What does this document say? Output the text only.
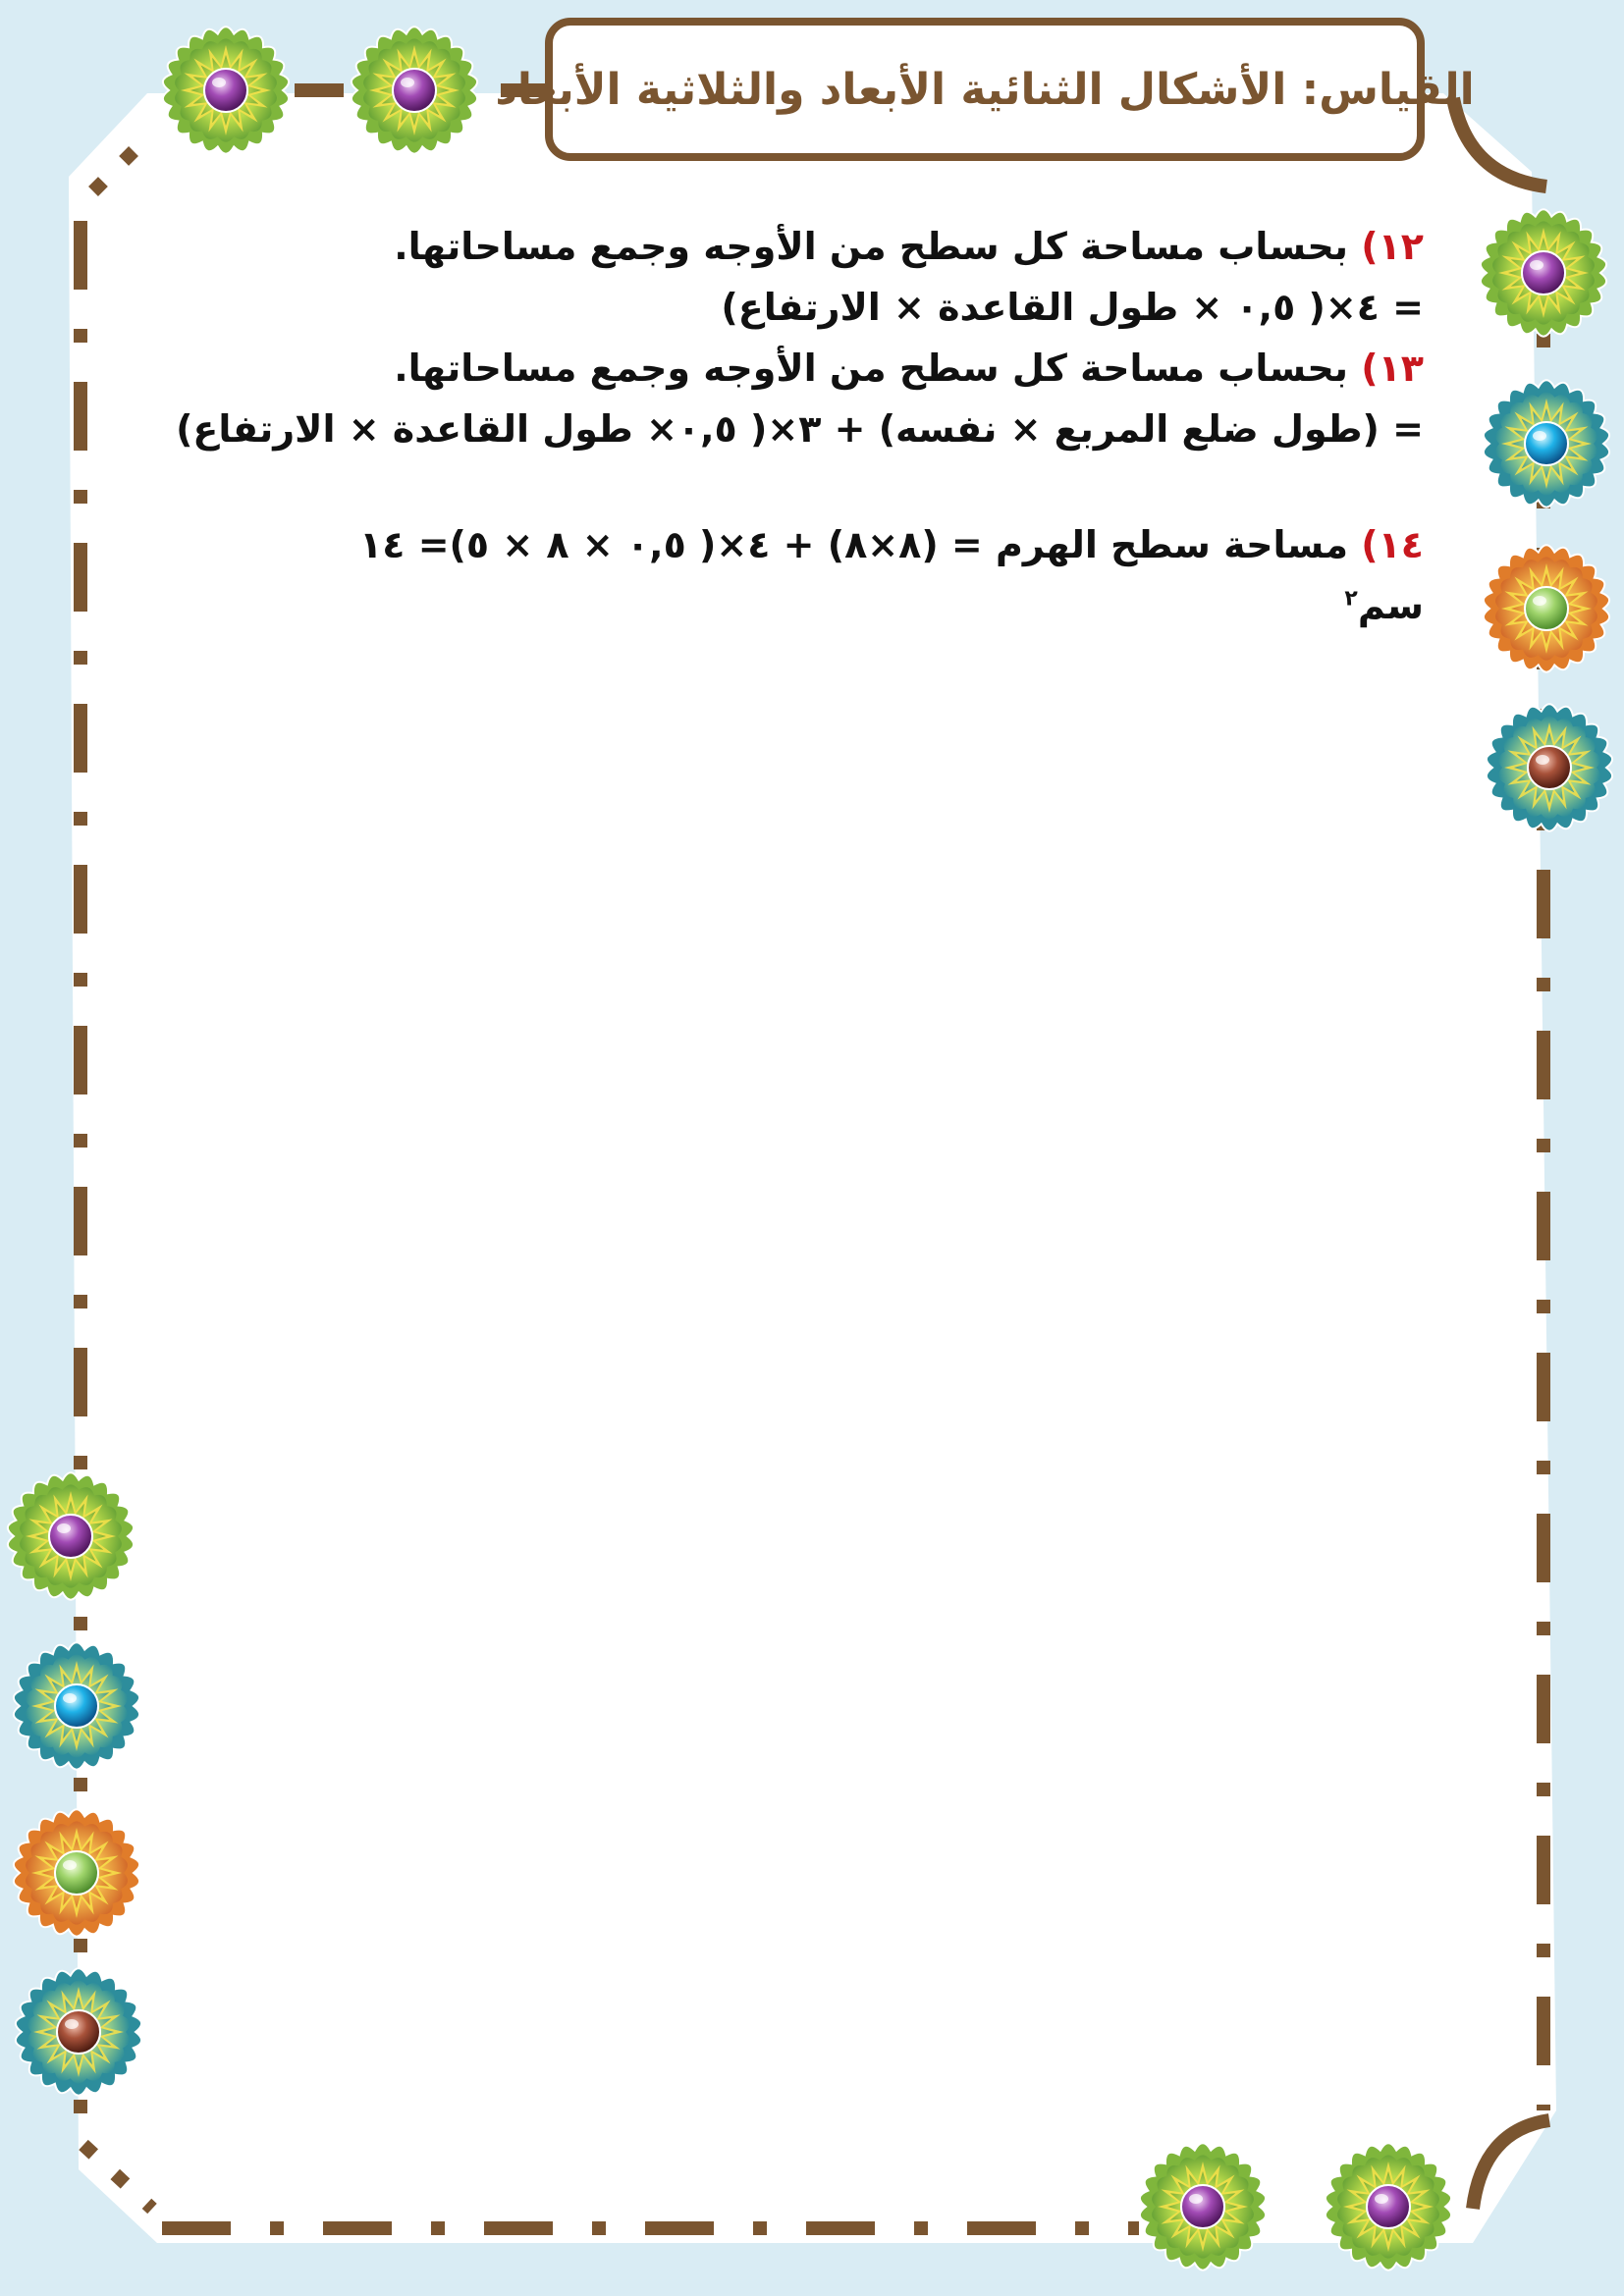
القياس: الأشكال الثنائية الأبعاد والثلاثية الأبعاد
١٢) بحساب مساحة كل سطح من الأوجه وجمع مساحاتها.
= ٤×( ٠,٥ × طول القاعدة × الارتفاع)
١٣) بحساب مساحة كل سطح من الأوجه وجمع مساحاتها.
= (طول ضلع المربع × نفسه) + ٣×( ٠,٥× طول القاعدة × الارتفاع)
١٤) مساحة سطح الهرم = (٨×٨) + ٤×( ٠,٥ × ٨ × ٥)= ١٤
سم$^٢$
